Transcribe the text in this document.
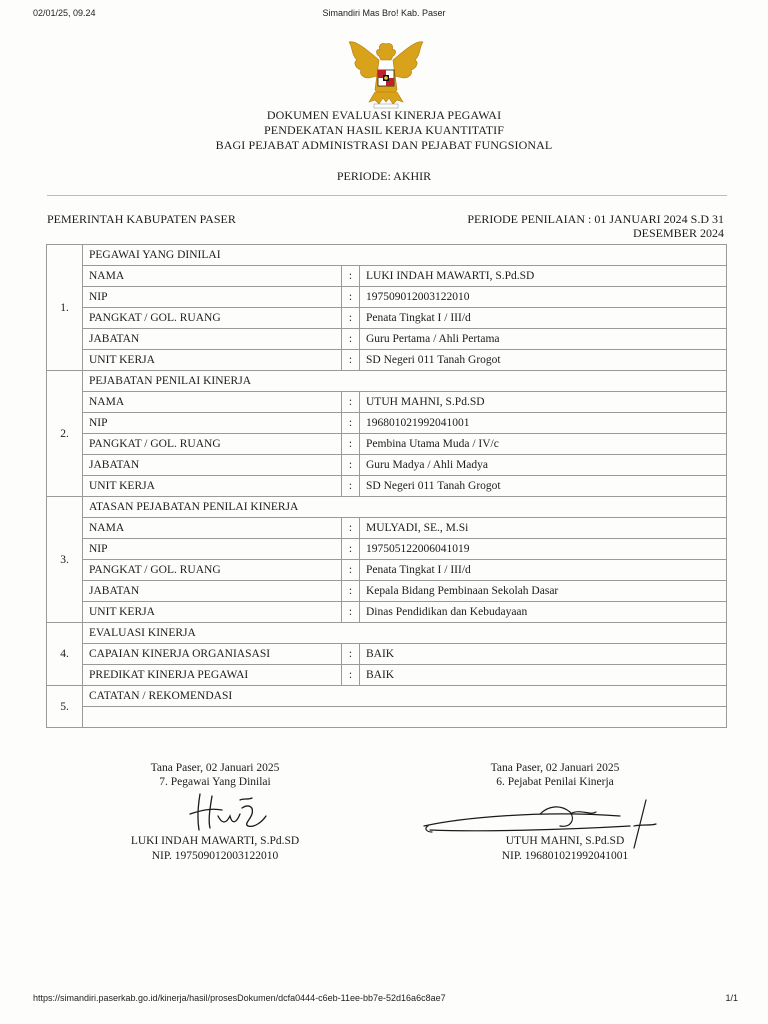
02/01/25, 09.24	Simandiri Mas Bro! Kab. Paser
DOKUMEN EVALUASI KINERJA PEGAWAI
PENDEKATAN HASIL KERJA KUANTITATIF
BAGI PEJABAT ADMINISTRASI DAN PEJABAT FUNGSIONAL
PERIODE: AKHIR
PEMERINTAH KABUPATEN PASER	PERIODE PENILAIAN : 01 JANUARI 2024 S.D 31
DESEMBER 2024
1.	PEGAWAI YANG DINILAI		
	NAMA	:	LUKI INDAH MAWARTI, S.Pd.SD
	NIP	:	197509012003122010
	PANGKAT / GOL. RUANG	:	Penata Tingkat I / III/d
	JABATAN	:	Guru Pertama / Ahli Pertama
	UNIT KERJA	:	SD Negeri 011 Tanah Grogot
2.	PEJABATAN PENILAI KINERJA		
	NAMA	:	UTUH MAHNI, S.Pd.SD
	NIP	:	196801021992041001
	PANGKAT / GOL. RUANG	:	Pembina Utama Muda / IV/c
	JABATAN	:	Guru Madya / Ahli Madya
	UNIT KERJA	:	SD Negeri 011 Tanah Grogot
3.	ATASAN PEJABATAN PENILAI KINERJA		
	NAMA	:	MULYADI, SE., M.Si
	NIP	:	197505122006041019
	PANGKAT / GOL. RUANG	:	Penata Tingkat I / III/d
	JABATAN	:	Kepala Bidang Pembinaan Sekolah Dasar
	UNIT KERJA	:	Dinas Pendidikan dan Kebudayaan
4.	EVALUASI KINERJA		
	CAPAIAN KINERJA ORGANIASASI	:	BAIK
	PREDIKAT KINERJA PEGAWAI	:	BAIK
5.	CATATAN / REKOMENDASI		

Tana Paser, 02 Januari 2025
7. Pegawai Yang Dinilai
LUKI INDAH MAWARTI, S.Pd.SD
NIP. 197509012003122010
Tana Paser, 02 Januari 2025
6. Pejabat Penilai Kinerja
UTUH MAHNI, S.Pd.SD
NIP. 196801021992041001
https://simandiri.paserkab.go.id/kinerja/hasil/prosesDokumen/dcfa0444-c6eb-11ee-bb7e-52d16a6c8ae7	1/1
